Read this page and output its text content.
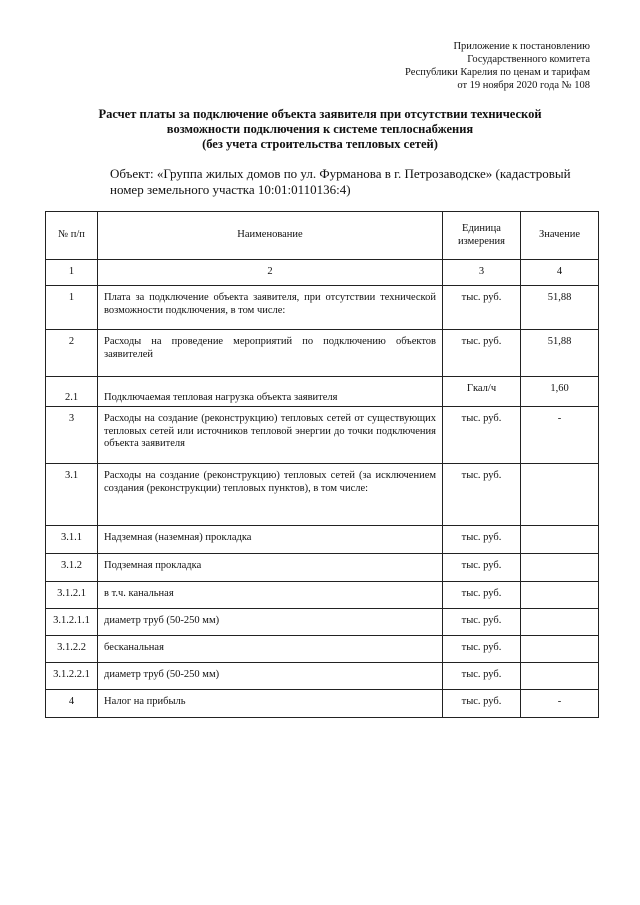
Приложение к постановлению
Государственного комитета
Республики Карелия по ценам и тарифам
от 19 ноября 2020 года № 108
Расчет платы за подключение объекта заявителя при отсутствии технической
возможности подключения к системе теплоснабжения
(без учета строительства тепловых сетей)
Объект: «Группа жилых домов по ул. Фурманова в г. Петрозаводске» (кадастровый номер земельного участка 10:01:0110136:4)
№ п/п	Наименование	Единица измерения	Значение
1	2	3	4
1	Плата за подключение объекта заявителя, при отсутствии технической возможности подключения, в том числе:	тыс. руб.	51,88
2	Расходы на проведение мероприятий по подключению объектов заявителей	тыс. руб.	51,88
2.1	Подключаемая тепловая нагрузка объекта заявителя	Гкал/ч	1,60
3	Расходы на создание (реконструкцию) тепловых сетей от существующих тепловых сетей или источников тепловой энергии до точки подключения объекта заявителя	тыс. руб.	-
3.1	Расходы на создание (реконструкцию) тепловых сетей (за исключением создания (реконструкции) тепловых пунктов), в том числе:	тыс. руб.	
3.1.1	Надземная (наземная) прокладка	тыс. руб.	
3.1.2	Подземная прокладка	тыс. руб.	
3.1.2.1	в т.ч. канальная	тыс. руб.	
3.1.2.1.1	диаметр труб (50-250 мм)	тыс. руб.	
3.1.2.2	бесканальная	тыс. руб.	
3.1.2.2.1	диаметр труб (50-250 мм)	тыс. руб.	
4	Налог на прибыль	тыс. руб.	-
